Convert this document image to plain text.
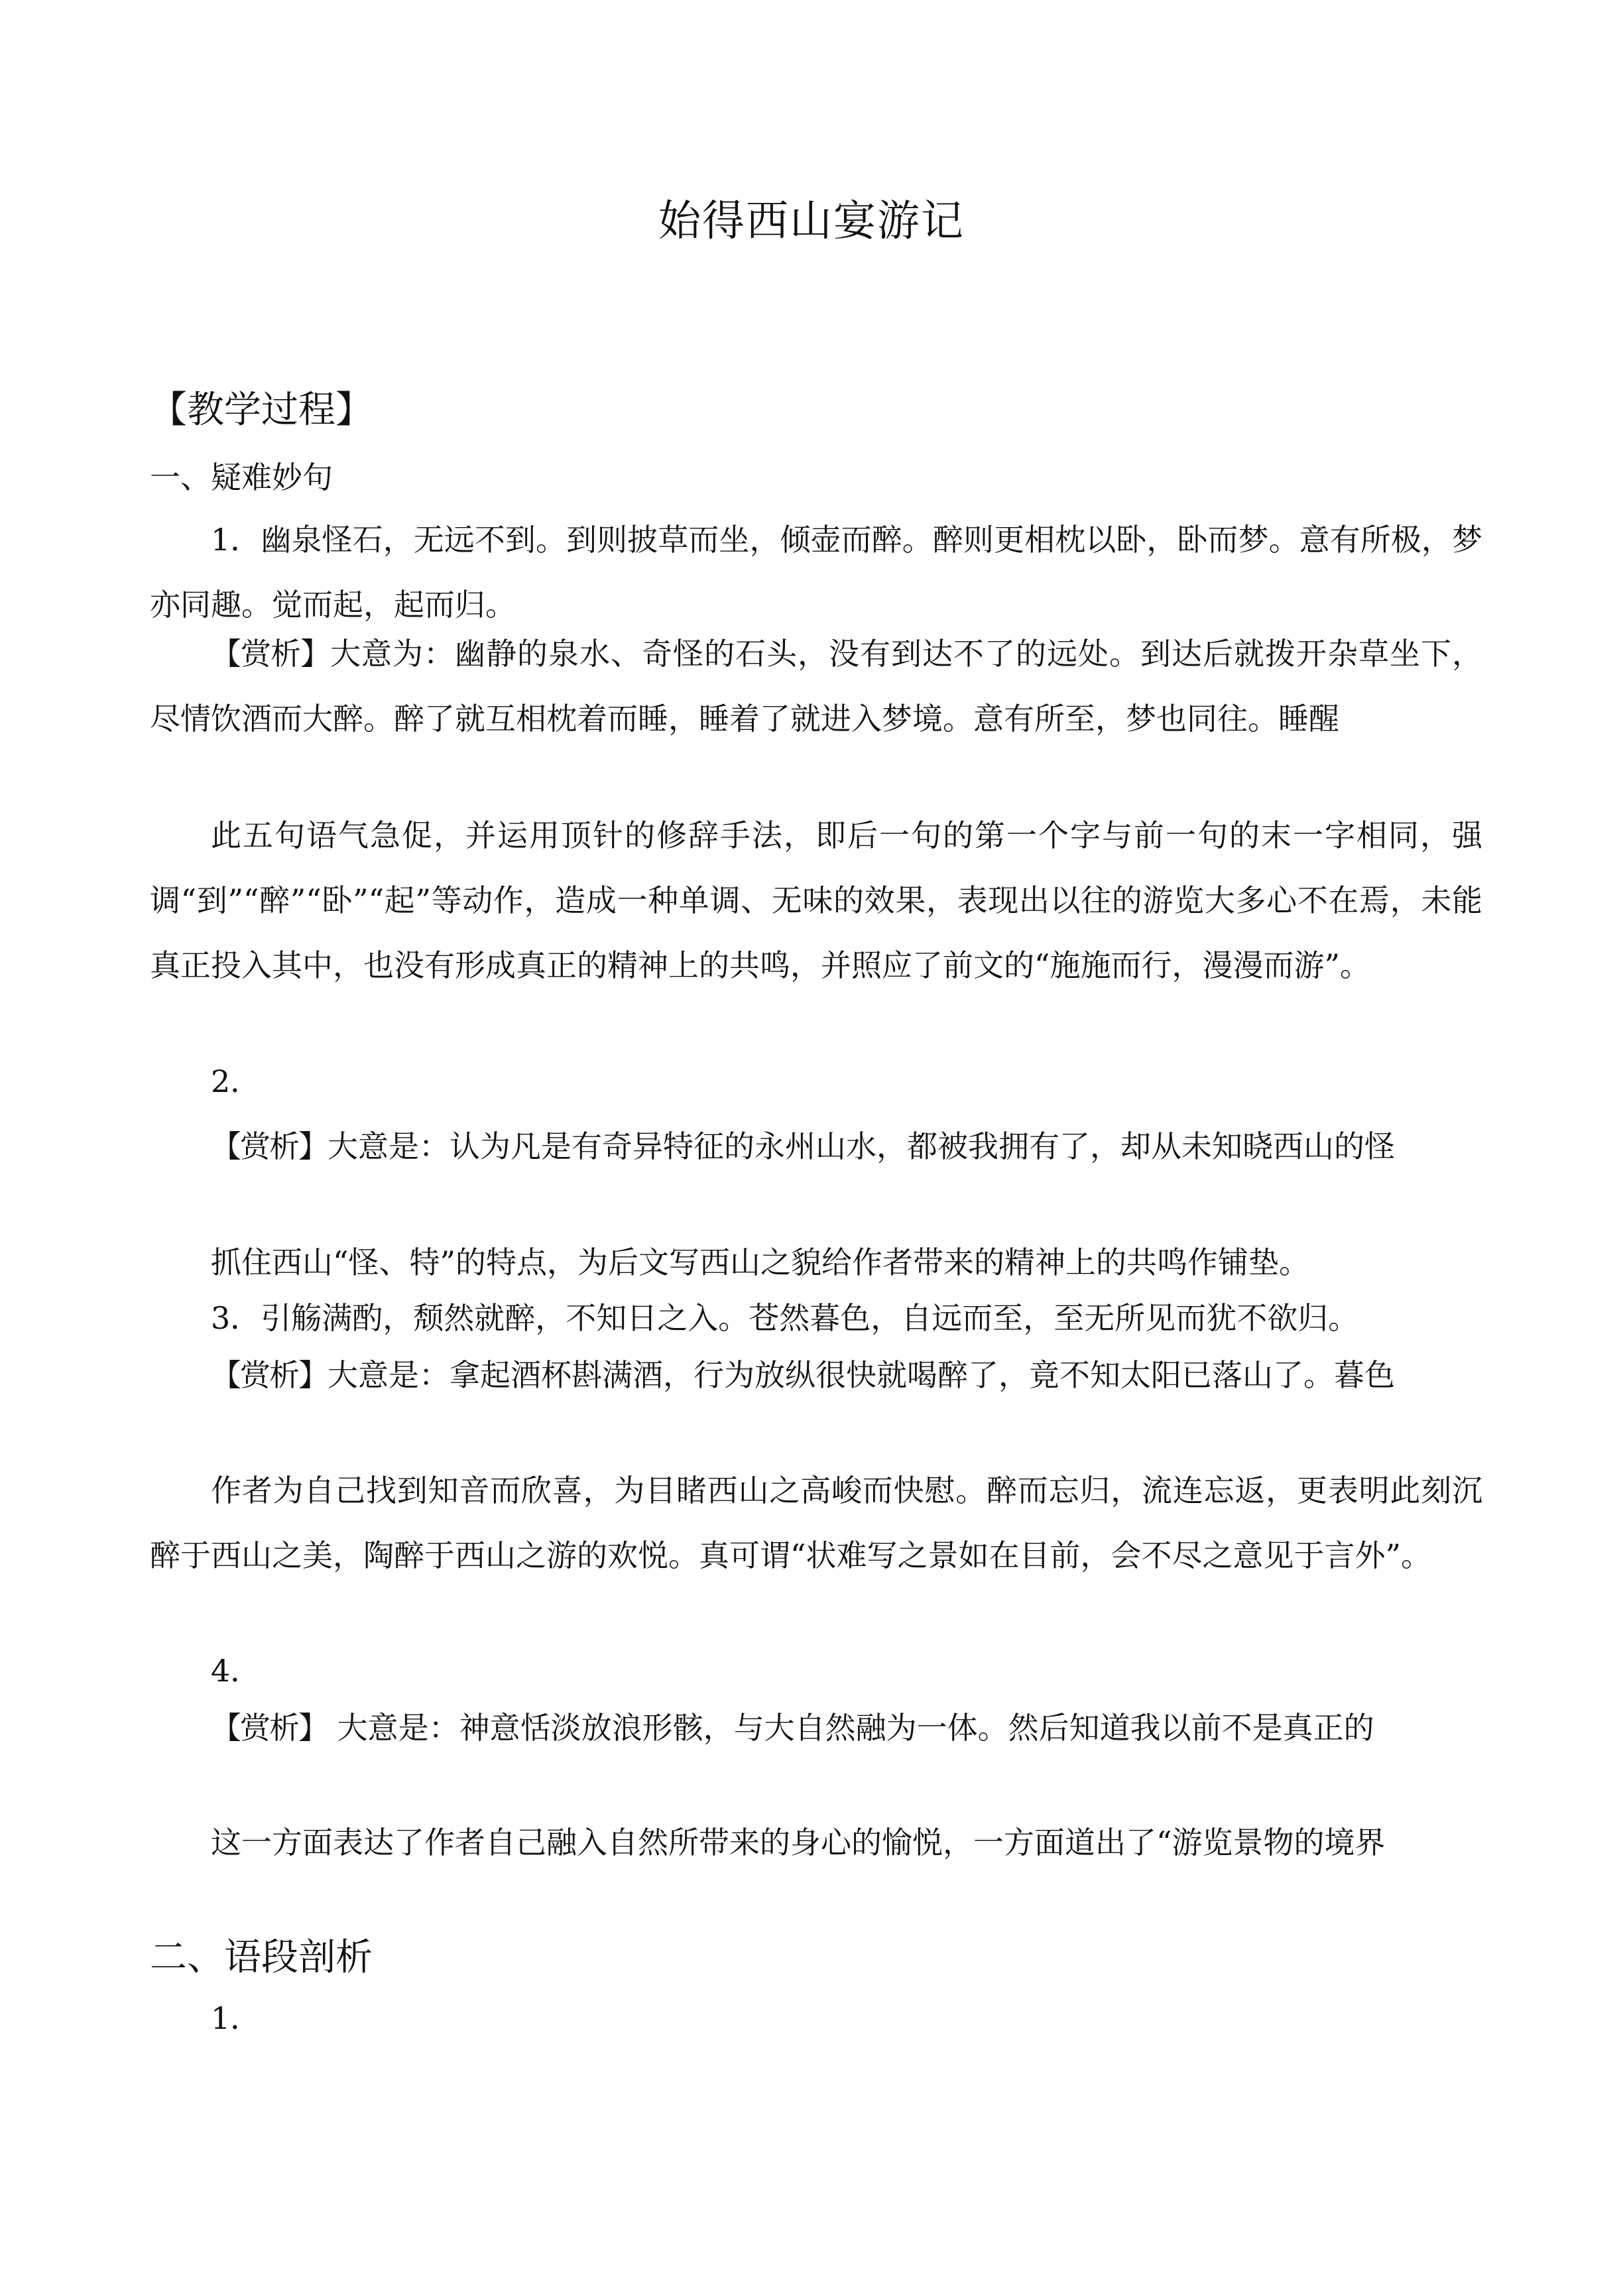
始得西山宴游记
【教学过程】
一、疑难妙句
1．幽泉怪石，无远不到。到则披草而坐，倾壶而醉。醉则更相枕以卧，卧而梦。意有所极，梦亦同趣。觉而起，起而归。
【赏析】大意为：幽静的泉水、奇怪的石头，没有到达不了的远处。到达后就拨开杂草坐下，尽情饮酒而大醉。醉了就互相枕着而睡，睡着了就进入梦境。意有所至，梦也同往。睡醒
此五句语气急促，并运用顶针的修辞手法，即后一句的第一个字与前一句的末一字相同，强调“到”“醉”“卧”“起”等动作，造成一种单调、无味的效果，表现出以往的游览大多心不在焉，未能真正投入其中，也没有形成真正的精神上的共鸣，并照应了前文的“施施而行，漫漫而游”。
2．
【赏析】大意是：认为凡是有奇异特征的永州山水，都被我拥有了，却从未知晓西山的怪
抓住西山“怪、特”的特点，为后文写西山之貌给作者带来的精神上的共鸣作铺垫。
3．引觞满酌，颓然就醉，不知日之入。苍然暮色，自远而至，至无所见而犹不欲归。
【赏析】大意是：拿起酒杯斟满酒，行为放纵很快就喝醉了，竟不知太阳已落山了。暮色
作者为自己找到知音而欣喜，为目睹西山之高峻而快慰。醉而忘归，流连忘返，更表明此刻沉醉于西山之美，陶醉于西山之游的欢悦。真可谓“状难写之景如在目前，会不尽之意见于言外”。
4．
【赏析】 大意是：神意恬淡放浪形骸，与大自然融为一体。然后知道我以前不是真正的
这一方面表达了作者自己融入自然所带来的身心的愉悦，一方面道出了“游览景物的境界
二、语段剖析
1．
